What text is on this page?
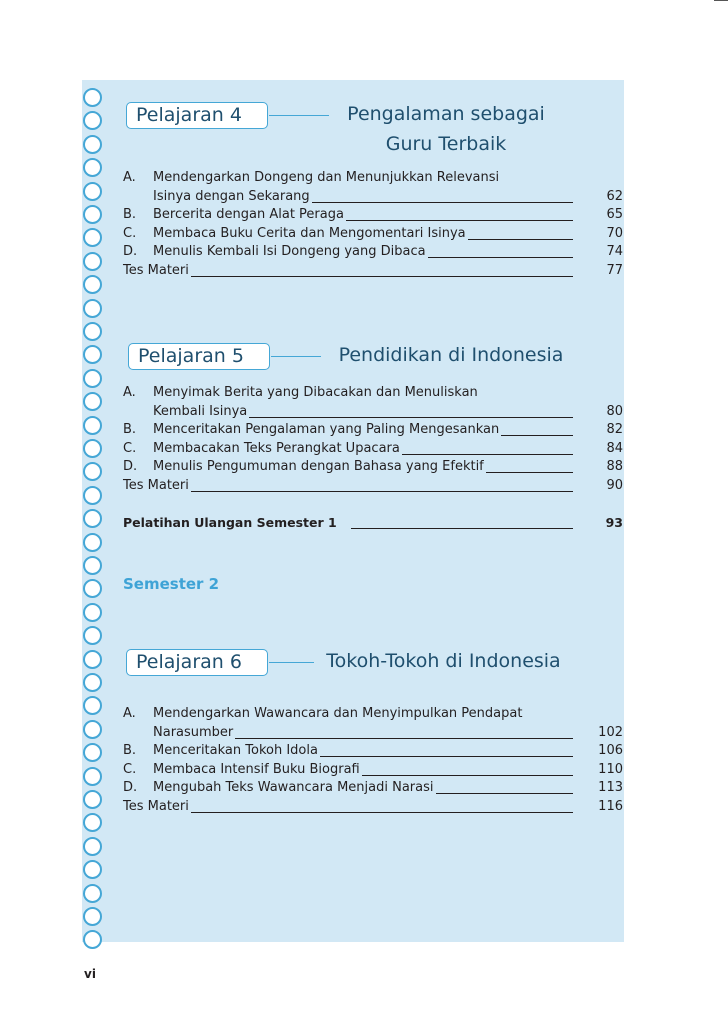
Pelajaran 4	Pengalaman sebagai
Guru Terbaik
A. Mendengarkan Dongeng dan Menunjukkan Relevansi
Isinya dengan Sekarang	62
B. Bercerita dengan Alat Peraga	65
C. Membaca Buku Cerita dan Mengomentari Isinya	70
D. Menulis Kembali Isi Dongeng yang Dibaca	74
Tes Materi	77
Pelajaran 5	Pendidikan di Indonesia
A. Menyimak Berita yang Dibacakan dan Menuliskan
Kembali Isinya	80
B. Menceritakan Pengalaman yang Paling Mengesankan	82
C. Membacakan Teks Perangkat Upacara	84
D. Menulis Pengumuman dengan Bahasa yang Efektif	88
Tes Materi	90
Pelatihan Ulangan Semester 1	93
Semester 2
Pelajaran 6	Tokoh-Tokoh di Indonesia
A. Mendengarkan Wawancara dan Menyimpulkan Pendapat
Narasumber	102
B. Menceritakan Tokoh Idola	106
C. Membaca Intensif Buku Biografi	110
D. Mengubah Teks Wawancara Menjadi Narasi	113
Tes Materi	116
vi
